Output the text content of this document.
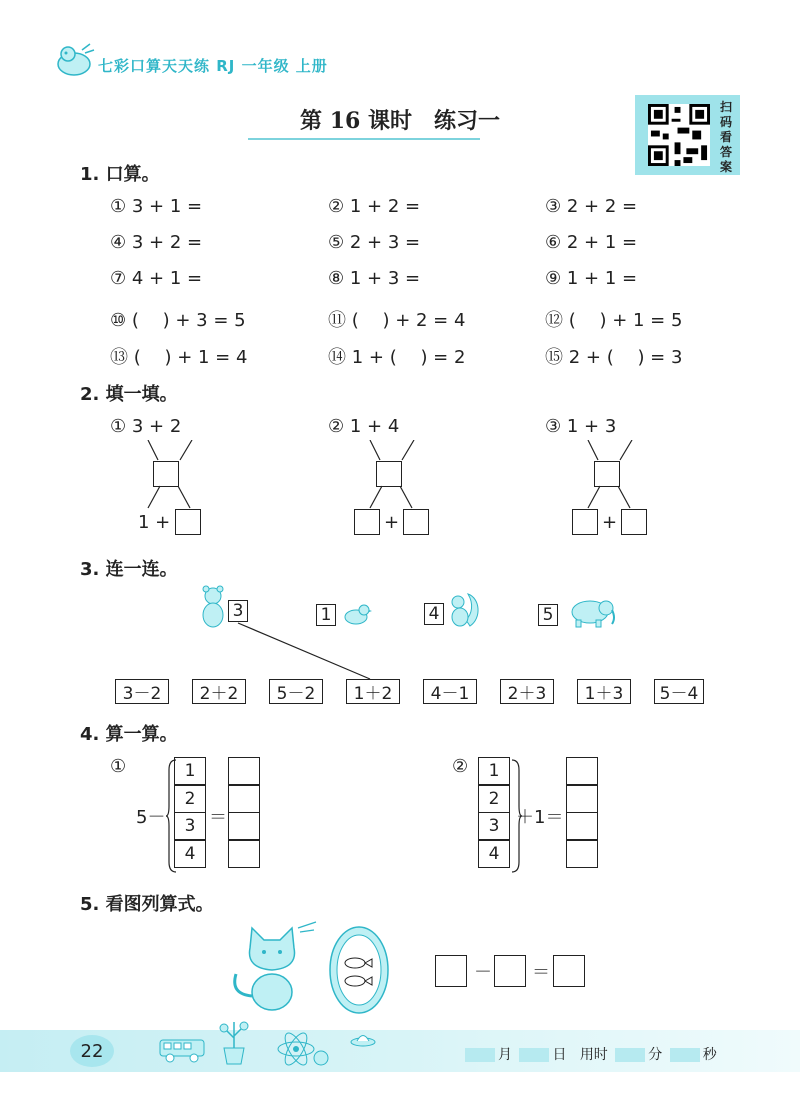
七彩口算天天练 RJ 一年级 上册
第 16 课时　练习一
扫码看答案
1. 口算。
① 3 + 1 =	② 1 + 2 =	③ 2 + 2 =
④ 3 + 2 =	⑤ 2 + 3 =	⑥ 2 + 1 =
⑦ 4 + 1 =	⑧ 1 + 3 =	⑨ 1 + 1 =
⑩ (　 ) + 3 = 5	⑪ (　 ) + 2 = 4	⑫ (　 ) + 1 = 5
⑬ (　 ) + 1 = 4	⑭ 1 + (　 ) = 2	⑮ 2 + (　 ) = 3
2. 填一填。
① 3 + 2
1 +
② 1 + 4
+
③ 1 + 3
+
3. 连一连。
3	1	4	5
3－2	2＋2	5－2	1＋2	4－1	2＋3	1＋3	5－4
4. 算一算。
①
5－
1
2
3
4
＝
②	1
2
3
4
＋1＝
5. 看图列算式。
－ ＝
22	月	日 用时	分	秒
